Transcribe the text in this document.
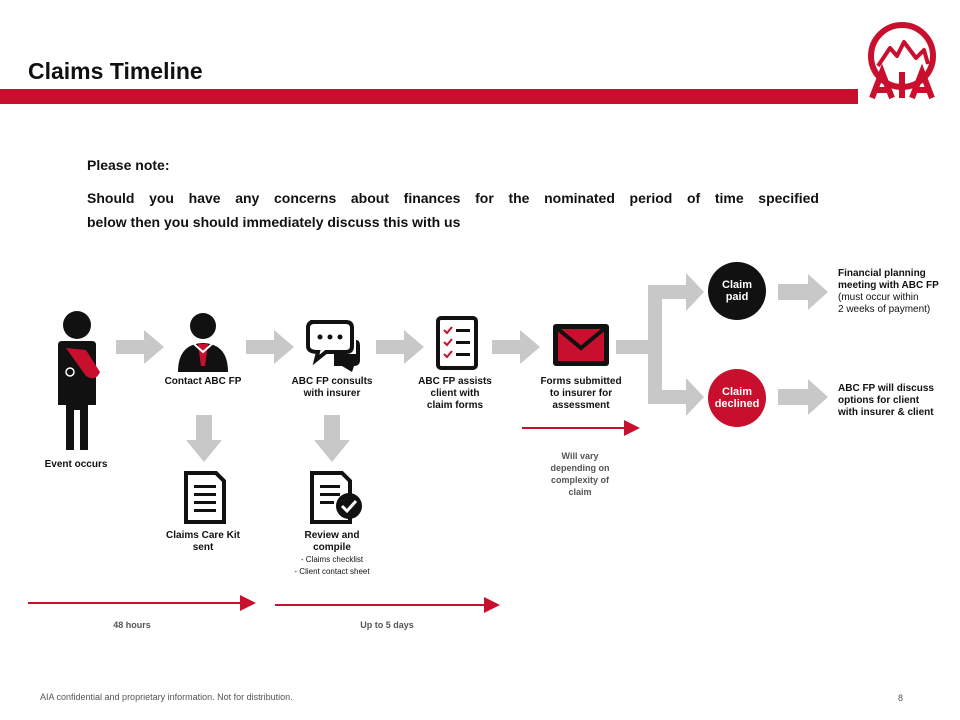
Claims Timeline
Please note:
Should you have any concerns about finances for the nominated period of time specified
below then you should immediately discuss this with us
Event occurs
Contact ABC FP	ABC FP consults
with insurer
ABC FP assists
client with
claim forms
Forms submitted
to insurer for
assessment
Claims Care Kit
sent
Review and
compile
- Claims checklist
- Client contact sheet
Claim
paid
Claim
declined
Financial planning
meeting with ABC FP
(must occur within
2 weeks of payment)
ABC FP will discuss
options for client
with insurer & client
Will vary
depending on
complexity of
claim
48 hours	Up to 5 days
AIA confidential and proprietary information. Not for distribution.	8
